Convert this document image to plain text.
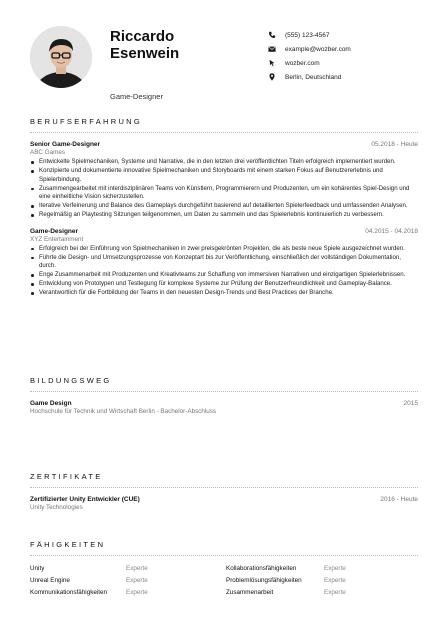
Riccardo
Esenwein
Game-Designer
(555) 123-4567
example@wozber.com
wozber.com
Berlin, Deutschland
BERUFSERFAHRUNG
Senior Game-Designer	05.2018 - Heute
ABC Games
Entwickelte Spielmechaniken, Systeme und Narrative, die in den letzten drei veröffentlichten Titeln erfolgreich implementiert wurden.
Konzipierte und dokumentierte innovative Spielmechaniken und Storyboards mit einem starken Fokus auf Benutzererlebnis und Spielerbindung.
Zusammengearbeitet mit interdisziplinären Teams von Künstlern, Programmierern und Produzenten, um ein kohärentes Spiel-Design und eine einheitliche Vision sicherzustellen.
Iterative Verfeinerung und Balance des Gameplays durchgeführt basierend auf detaillierten Spielerfeedback und umfassenden Analysen.
Regelmäßig an Playtesting Sitzungen teilgenommen, um Daten zu sammeln und das Spielerlebnis kontinuierlich zu verbessern.
Game-Designer	04.2015 - 04.2018
XYZ Entertainment
Erfolgreich bei der Einführung von Spielmechaniken in zwei preisgekrönten Projekten, die als beste neue Spiele ausgezeichnet wurden.
Führte die Design- und Umsetzungsprozesse von Konzeptart bis zur Veröffentlichung, einschließlich der vollständigen Dokumentation, durch.
Enge Zusammenarbeit mit Produzenten und Kreativteams zur Schaffung von immersiven Narrativen und einzigartigen Spielerlebnissen.
Entwicklung von Prototypen und Testlegung für komplexe Systeme zur Prüfung der Benutzerfreundlichkeit und Gameplay-Balance.
Verantwortlich für die Fortbildung der Teams in den neuesten Design-Trends und Best Practices der Branche.
BILDUNGSWEG
Game Design	2015
Hochschule für Technik und Wirtschaft Berlin - Bachelor-Abschluss
ZERTIFIKATE
Zertifizierter Unity Entwickler (CUE)	2016 - Heute
Unity Technologies
FÄHIGKEITEN
Unity	Experte	Kollaborationsfähigkeiten	Experte
Unreal Engine	Experte	Problemlösungsfähigkeiten	Experte
Kommunikationsfähigkeiten	Experte	Zusammenarbeit	Experte
